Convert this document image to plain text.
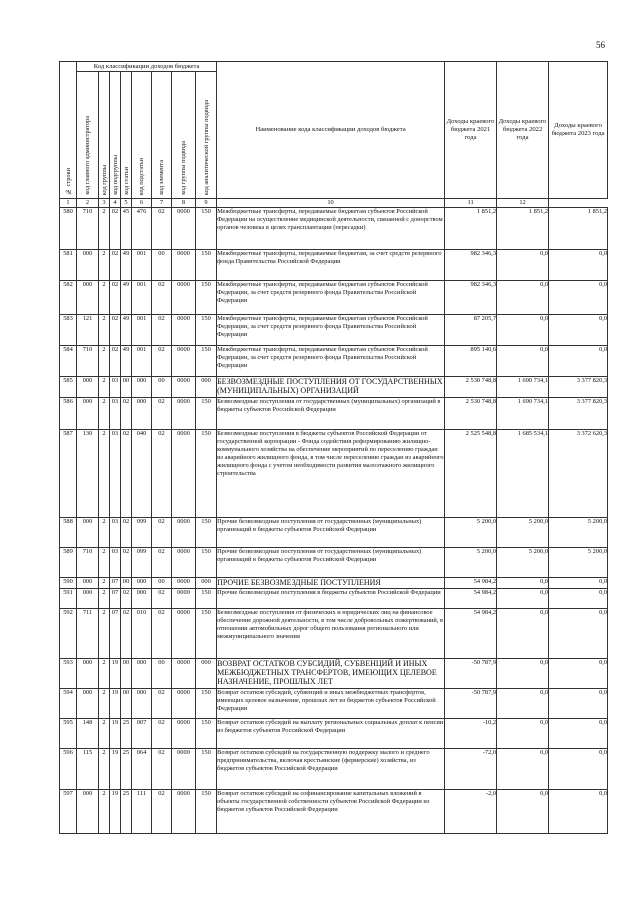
56
№ строки	Код классификации доходов бюджета								Наименование кода классификации доходов бюджета	Доходы краевого бюджета 2021 года	Доходы краевого бюджета 2022 года	Доходы краевого бюджета 2023 года

	код главного администратора	код группы	код подгруппы	код статьи	код подстатьи	код элемента	код группы подвида	код аналитической группы подвида				

1	2	3	4	5	6	7	8	9	10	11	12	
580	710	2	02	45	476	02	0000	150	Межбюджетные трансферты, передаваемые бюджетам субъектов Российской Федерации на осуществление медицинской деятельности, связанной с донорством органов человека в целях трансплантации (пересадки)	1 851,2	1 851,2	1 851,2
581	000	2	02	49	001	00	0000	150	Межбюджетные трансферты, передаваемые бюджетам, за счет средств резервного фонда Правительства Российской Федерации	982 346,3	0,0	0,0
582	000	2	02	49	001	02	0000	150	Межбюджетные трансферты, передаваемые бюджетам субъектов Российской Федерации, за счет средств резервного фонда Правительства Российской Федерации	982 346,3	0,0	0,0
583	121	2	02	49	001	02	0000	150	Межбюджетные трансферты, передаваемые бюджетам субъектов Российской Федерации, за счет средств резервного фонда Правительства Российской Федерации	87 205,7	0,0	0,0
584	710	2	02	49	001	02	0000	150	Межбюджетные трансферты, передаваемые бюджетам субъектов Российской Федерации, за счет средств резервного фонда Правительства Российской Федерации	895 140,6	0,0	0,0
585	000	2	03	00	000	00	0000	000	БЕЗВОЗМЕЗДНЫЕ ПОСТУПЛЕНИЯ ОТ ГОСУДАРСТВЕННЫХ (МУНИЦИПАЛЬНЫХ) ОРГАНИЗАЦИЙ	2 530 748,8	1 690 734,1	3 377 820,3
586	000	2	03	02	000	02	0000	150	Безвозмездные поступления от государственных (муниципальных) организаций в бюджеты субъектов Российской Федерации	2 530 748,8	1 690 734,1	3 377 820,3
587	130	2	03	02	040	02	0000	150	Безвозмездные поступления в бюджеты субъектов Российской Федерации от государственной корпорации - Фонда содействия реформированию жилищно-коммунального хозяйства на обеспечение мероприятий по переселению граждан из аварийного жилищного фонда, в том числе переселению граждан из аварийного жилищного фонда с учетом необходимости развития малоэтажного жилищного строительства	2 525 548,8	1 685 534,1	3 372 620,3
588	000	2	03	02	099	02	0000	150	Прочие безвозмездные поступления от государственных (муниципальных) организаций в бюджеты субъектов Российской Федерации	5 200,0	5 200,0	5 200,0
589	710	2	03	02	099	02	0000	150	Прочие безвозмездные поступления от государственных (муниципальных) организаций в бюджеты субъектов Российской Федерации	5 200,0	5 200,0	5 200,0
590	000	2	07	00	000	00	0000	000	ПРОЧИЕ БЕЗВОЗМЕЗДНЫЕ ПОСТУПЛЕНИЯ	54 984,2	0,0	0,0
591	000	2	07	02	000	02	0000	150	Прочие безвозмездные поступления в бюджеты субъектов Российской Федерации	54 984,2	0,0	0,0
592	711	2	07	02	010	02	0000	150	Безвозмездные поступления от физических и юридических лиц на финансовое обеспечение дорожной деятельности, в том числе добровольных пожертвований, в отношении автомобильных дорог общего пользования регионального или межмуниципального значения	54 984,2	0,0	0,0
593	000	2	19	00	000	00	0000	000	ВОЗВРАТ ОСТАТКОВ СУБСИДИЙ, СУБВЕНЦИЙ И ИНЫХ МЕЖБЮДЖЕТНЫХ ТРАНСФЕРТОВ, ИМЕЮЩИХ ЦЕЛЕВОЕ НАЗНАЧЕНИЕ, ПРОШЛЫХ ЛЕТ	-50 787,9	0,0	0,0
594	000	2	19	00	000	02	0000	150	Возврат остатков субсидий, субвенций и иных межбюджетных трансфертов, имеющих целевое назначение, прошлых лет из бюджетов субъектов Российской Федерации	-50 787,9	0,0	0,0
595	148	2	19	25	007	02	0000	150	Возврат остатков субсидий на выплату региональных социальных доплат к пенсии из бюджетов субъектов Российской Федерации	-10,2	0,0	0,0
596	115	2	19	25	064	02	0000	150	Возврат остатков субсидий на государственную поддержку малого и среднего предпринимательства, включая крестьянские (фермерские) хозяйства, из бюджетов субъектов Российской Федерации	-72,0	0,0	0,0
597	000	2	19	25	111	02	0000	150	Возврат остатков субсидий на софинансирование капитальных вложений в объекты государственной собственности субъектов Российской Федерации из бюджетов субъектов Российской Федерации	-2,0	0,0	0,0
